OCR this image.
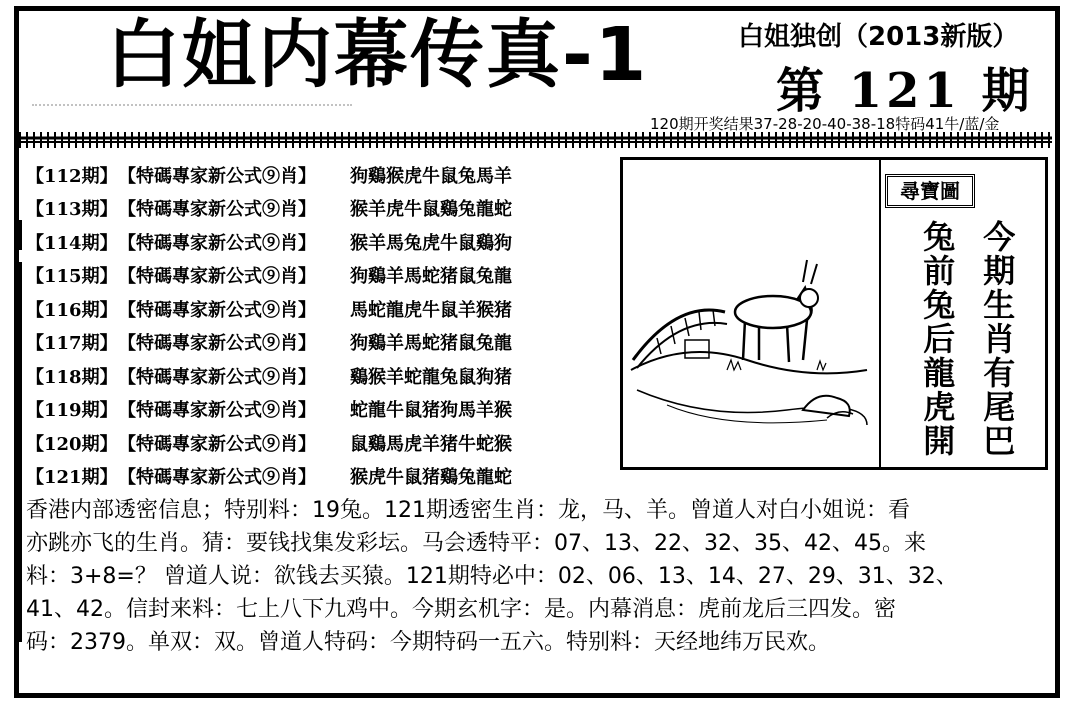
白姐内幕传真-1	白姐独创（2013新版）
第 121 期
120期开奖结果37-28-20-40-38-18特码41牛/蓝/金
【112期】 【特碼專家新公式⑨肖】	狗鷄猴虎牛鼠兔馬羊
【113期】 【特碼專家新公式⑨肖】	猴羊虎牛鼠鷄兔龍蛇
【114期】 【特碼專家新公式⑨肖】	猴羊馬兔虎牛鼠鷄狗
【115期】 【特碼專家新公式⑨肖】	狗鷄羊馬蛇猪鼠兔龍
【116期】 【特碼專家新公式⑨肖】	馬蛇龍虎牛鼠羊猴猪
【117期】 【特碼專家新公式⑨肖】	狗鷄羊馬蛇猪鼠兔龍
【118期】 【特碼專家新公式⑨肖】	鷄猴羊蛇龍兔鼠狗猪
【119期】 【特碼專家新公式⑨肖】	蛇龍牛鼠猪狗馬羊猴
【120期】 【特碼專家新公式⑨肖】	鼠鷄馬虎羊猪牛蛇猴
【121期】 【特碼專家新公式⑨肖】	猴虎牛鼠猪鷄兔龍蛇
尋寶圖
今期生肖有尾巴
兔前兔后龍虎開

香港内部透密信息；特别料：19兔。121期透密生肖：龙，马、羊。曾道人对白小姐说：看

亦跳亦飞的生肖。猜：要钱找集发彩坛。马会透特平：07、13、22、32、35、42、45。来

料：3+8=？ 曾道人说：欲钱去买猿。121期特必中：02、06、13、14、27、29、31、32、

41、42。信封来料：七上八下九鸡中。今期玄机字：是。内幕消息：虎前龙后三四发。密

码：2379。单双：双。曾道人特码：今期特码一五六。特别料：天经地纬万民欢。
